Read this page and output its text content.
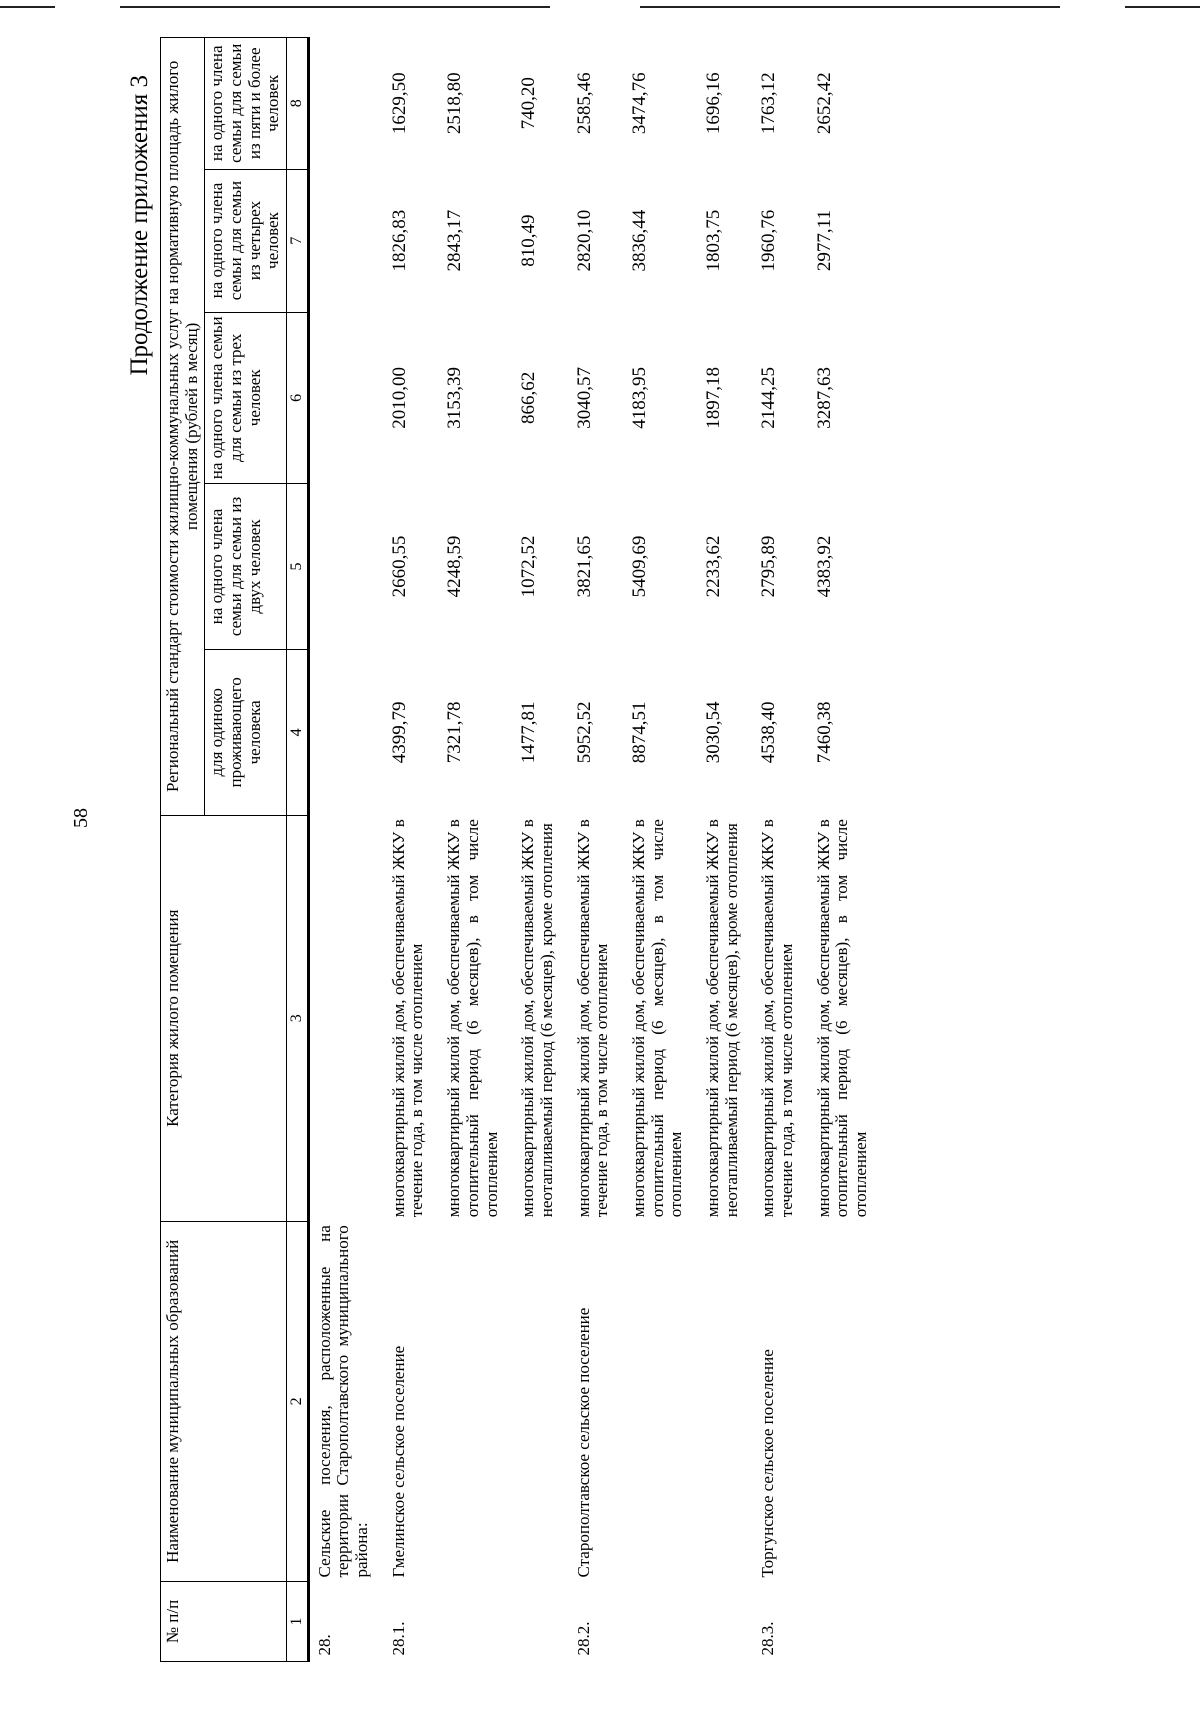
58
Продолжение приложения 3
№ п/п	Наименование муниципальных образований	Категория жилого помещения	Региональный стандарт стоимости жилищно-коммунальных услуг на нормативную площадь жилого помещения (рублей в месяц)				
			для одиноко проживающего человека	на одного члена семьи для семьи из двух человек	на одного члена семьи для семьи из трех человек	на одного члена семьи для семьи из четырех человек	на одного члена семьи для семьи из пяти и более человек
1	2	3	4	5	6	7	8
28.	Сельские поселения, расположенные на территории Старополтавского муниципального района:						
28.1.	Гмелинское сельское поселение	многоквартирный жилой дом, обеспечиваемый ЖКУ в течение года, в том числе отоплением	4399,79	2660,55	2010,00	1826,83	1629,50
		многоквартирный жилой дом, обеспечиваемый ЖКУ в отопительный период (6 месяцев), в том числе отоплением	7321,78	4248,59	3153,39	2843,17	2518,80
		многоквартирный жилой дом, обеспечиваемый ЖКУ в неотапливаемый период (6 месяцев), кроме отопления	1477,81	1072,52	866,62	810,49	740,20
28.2.	Старополтавское сельское поселение	многоквартирный жилой дом, обеспечиваемый ЖКУ в течение года, в том числе отоплением	5952,52	3821,65	3040,57	2820,10	2585,46
		многоквартирный жилой дом, обеспечиваемый ЖКУ в отопительный период (6 месяцев), в том числе отоплением	8874,51	5409,69	4183,95	3836,44	3474,76
		многоквартирный жилой дом, обеспечиваемый ЖКУ в неотапливаемый период (6 месяцев), кроме отопления	3030,54	2233,62	1897,18	1803,75	1696,16
28.3.	Торгунское сельское поселение	многоквартирный жилой дом, обеспечиваемый ЖКУ в течение года, в том числе отоплением	4538,40	2795,89	2144,25	1960,76	1763,12
		многоквартирный жилой дом, обеспечиваемый ЖКУ в отопительный период (6 месяцев), в том числе отоплением	7460,38	4383,92	3287,63	2977,11	2652,42
